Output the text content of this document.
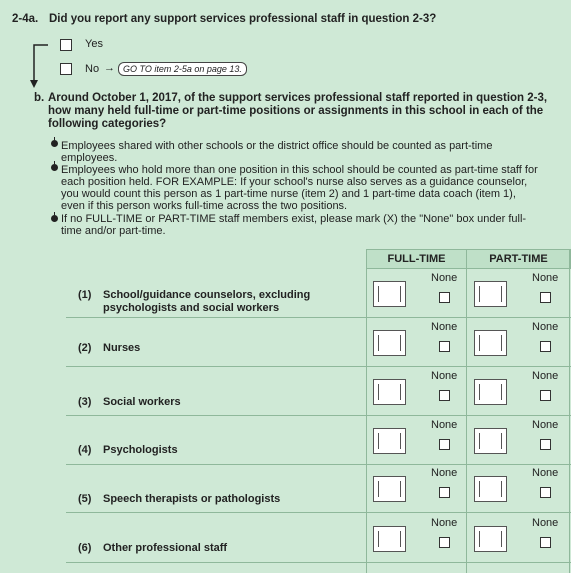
2-4a. Did you report any support services professional staff in question 2-3?
Yes
No → GO TO item 2-5a on page 13.
b. Around October 1, 2017, of the support services professional staff reported in question 2-3, how many held full-time or part-time positions or assignments in this school in each of the following categories?
Employees shared with other schools or the district office should be counted as part-time employees.
Employees who hold more than one position in this school should be counted as part-time staff for each position held. FOR EXAMPLE: If your school's nurse also serves as a guidance counselor, you would count this person as 1 part-time nurse (item 2) and 1 part-time data coach (item 1), even if this person works full-time across the two positions.
If no FULL-TIME or PART-TIME staff members exist, please mark (X) the "None" box under full-time and/or part-time.
FULL-TIME	PART-TIME
(1) School/guidance counselors, excluding psychologists and social workers
None	None
(2) Nurses
None	None
(3) Social workers
None	None
(4) Psychologists
None	None
(5) Speech therapists or pathologists
None	None
(6) Other professional staff
None	None
